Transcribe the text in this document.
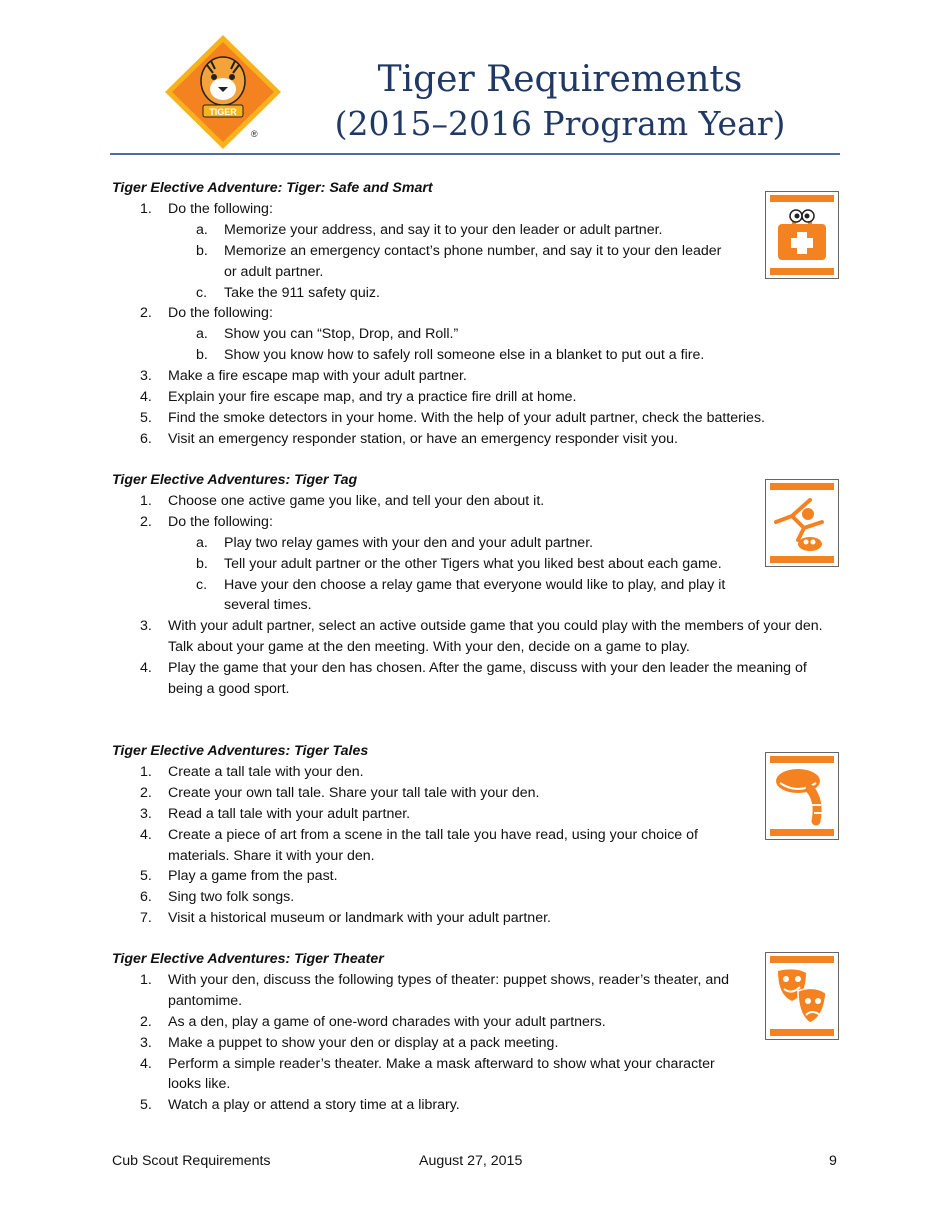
TIGER
®
Tiger Requirements
(2015–2016 Program Year)

Tiger Elective Adventure: Tiger: Safe and Smart

1.	Do the following:
a. Memorize your address, and say it to your den leader or adult partner.
b. Memorize an emergency contact’s phone number, and say it to your den leader or adult partner.
c. Take the 911 safety quiz.
2.	Do the following:
a. Show you can “Stop, Drop, and Roll.”
b. Show you know how to safely roll someone else in a blanket to put out a fire.
3.	Make a fire escape map with your adult partner.
4.	Explain your fire escape map, and try a practice fire drill at home.
5.	Find the smoke detectors in your home. With the help of your adult partner, check the batteries.
6.	Visit an emergency responder station, or have an emergency responder visit you.

Tiger Elective Adventures: Tiger Tag

1.	Choose one active game you like, and tell your den about it.
2.	Do the following:
a. Play two relay games with your den and your adult partner.
b. Tell your adult partner or the other Tigers what you liked best about each game.
c. Have your den choose a relay game that everyone would like to play, and play it several times.
3.	With your adult partner, select an active outside game that you could play with the members of your den. Talk about your game at the den meeting. With your den, decide on a game to play.
4.	Play the game that your den has chosen. After the game, discuss with your den leader the meaning of being a good sport.

Tiger Elective Adventures: Tiger Tales

1.	Create a tall tale with your den.
2.	Create your own tall tale. Share your tall tale with your den.
3.	Read a tall tale with your adult partner.
4.	Create a piece of art from a scene in the tall tale you have read, using your choice of materials. Share it with your den.
5.	Play a game from the past.
6.	Sing two folk songs.
7.	Visit a historical museum or landmark with your adult partner.

Tiger Elective Adventures: Tiger Theater

1.	With your den, discuss the following types of theater: puppet shows, reader’s theater, and pantomime.
2.	As a den, play a game of one-word charades with your adult partners.
3.	Make a puppet to show your den or display at a pack meeting.
4.	Perform a simple reader’s theater. Make a mask afterward to show what your character looks like.
5.	Watch a play or attend a story time at a library.
Cub Scout Requirements	August 27, 2015	9
